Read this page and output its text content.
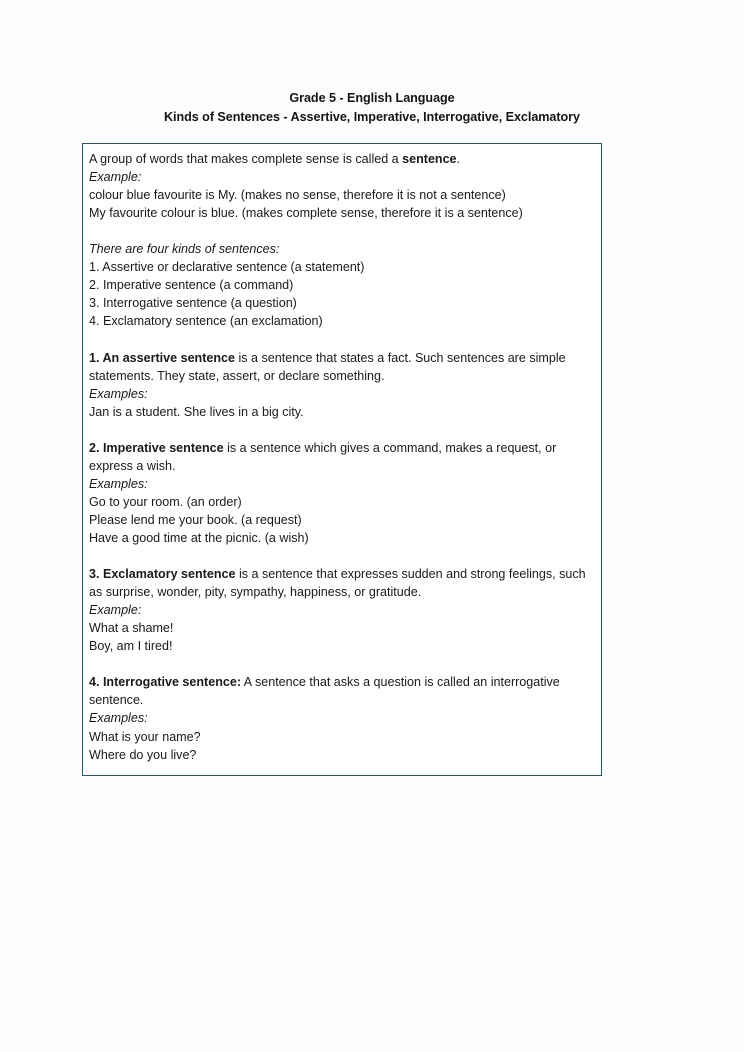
Grade 5 - English Language
Kinds of Sentences - Assertive, Imperative, Interrogative, Exclamatory

A group of words that makes complete sense is called a sentence.

Example:

colour blue favourite is My. (makes no sense, therefore it is not a sentence)

My favourite colour is blue. (makes complete sense, therefore it is a sentence)

There are four kinds of sentences:

1. Assertive or declarative sentence (a statement)

2. Imperative sentence (a command)

3. Interrogative sentence (a question)

4. Exclamatory sentence (an exclamation)

1. An assertive sentence is a sentence that states a fact. Such sentences are simple statements. They state, assert, or declare something.

Examples:

Jan is a student. She lives in a big city.

2. Imperative sentence is a sentence which gives a command, makes a request, or express a wish.

Examples:

Go to your room. (an order)

Please lend me your book. (a request)

Have a good time at the picnic. (a wish)

3. Exclamatory sentence is a sentence that expresses sudden and strong feelings, such as surprise, wonder, pity, sympathy, happiness, or gratitude.

Example:

What a shame!

Boy, am I tired!

4. Interrogative sentence: A sentence that asks a question is called an interrogative sentence.

Examples:

What is your name?

Where do you live?
